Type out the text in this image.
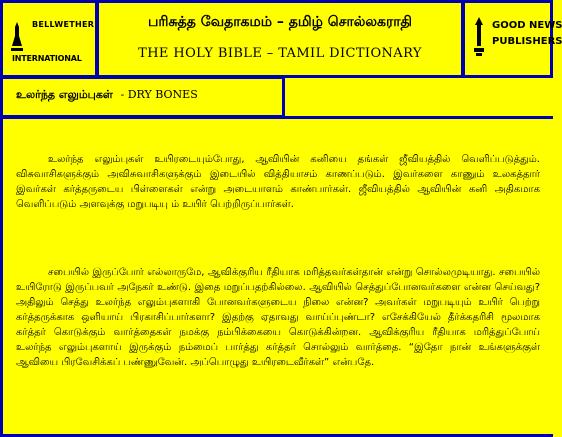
BELLWETHER
INTERNATIONAL
பரிசுத்த வேதாகமம் – தமிழ் சொல்லகராதி
THE HOLY BIBLE – TAMIL DICTIONARY
GOOD NEWS
PUBLISHERS
உலர்ந்த எலும்புகள் - DRY BONES
உலர்ந்த எலும்புகள் உயிரடையும்போது, ஆவியின் கனியை தங்கள் ஜீவியத்தில் வெளிப்படுத்தும். விசுவாசிகளுக்கும் அவிசுவாசிகளுக்கும் இடையில் வித்தியாசம் காணப்படும். இவர்களை காணும் உலகத்தார் இவர்கள் கர்த்தருடைய பிள்ளைகள் என்று அடையாளம் காண்பார்கள். ஜீவியத்தில் ஆவியின் கனி அதிகமாக வெளிப்படும் அளவுக்கு மறுபடியு ம் உயிர் பெற்றிருப்பார்கள்.
சபையில் இருப்போர் எல்லாருமே, ஆவிக்குரிய ரீதியாக மரித்தவர்கள்தான் என்று சொல்லமுடியாது. சபையில் உயிரோடு இருப்பவர் அநேகர் உண்டு. இதை மறுப்பதற்கில்லை. ஆவியில் செத்துப்போனவர்களை என்ன செய்வது? அதிலும் செத்து உலர்ந்த எலும்புகளாகி போனவர்களுடைய நிலை என்ன? அவர்கள் மறுபடியும் உயிர் பெற்று கர்த்தருக்காக ஒளியாய் பிரகாசிப்பார்களா? இதற்கு ஏதாவது வாய்ப்புண்டா? எசேக்கியேல் தீர்க்கதரிசி மூலமாக கர்த்தர் கொடுக்கும் வார்த்தைகள் நமக்கு நம்பிக்கையை கொடுக்கின்றன. ஆவிக்குரிய ரீதியாக மரித்துப்போய் உலர்ந்த எலும்புகளாய் இருக்கும் நம்மைப் பார்த்து கர்த்தர் சொல்லும் வார்த்தை. “இதோ நான் உங்களுக்குள் ஆவியை பிரவேசிக்கப் பண்ணுவேன். அப்பொழுது உயிரடைவீர்கள்” என்பதே.
